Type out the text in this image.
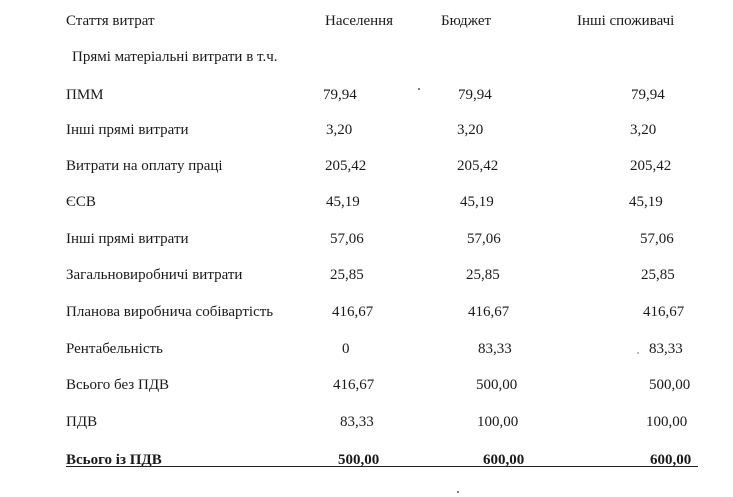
Стаття витрат	Населення	Бюджет	Інші споживачі
Прямі матеріальні витрати в т.ч.
ПММ	79,94	79,94	79,94
Інші прямі витрати	3,20	3,20	3,20
Витрати на оплату праці	205,42	205,42	205,42
ЄСВ	45,19	45,19	45,19
Інші прямі витрати	57,06	57,06	57,06
Загальновиробничі витрати	25,85	25,85	25,85
Планова виробнича собівартість	416,67	416,67	416,67
Рентабельність	0	83,33	83,33
Всього без ПДВ	416,67	500,00	500,00
ПДВ	83,33	100,00	100,00
Всього із ПДВ	500,00	600,00	600,00
